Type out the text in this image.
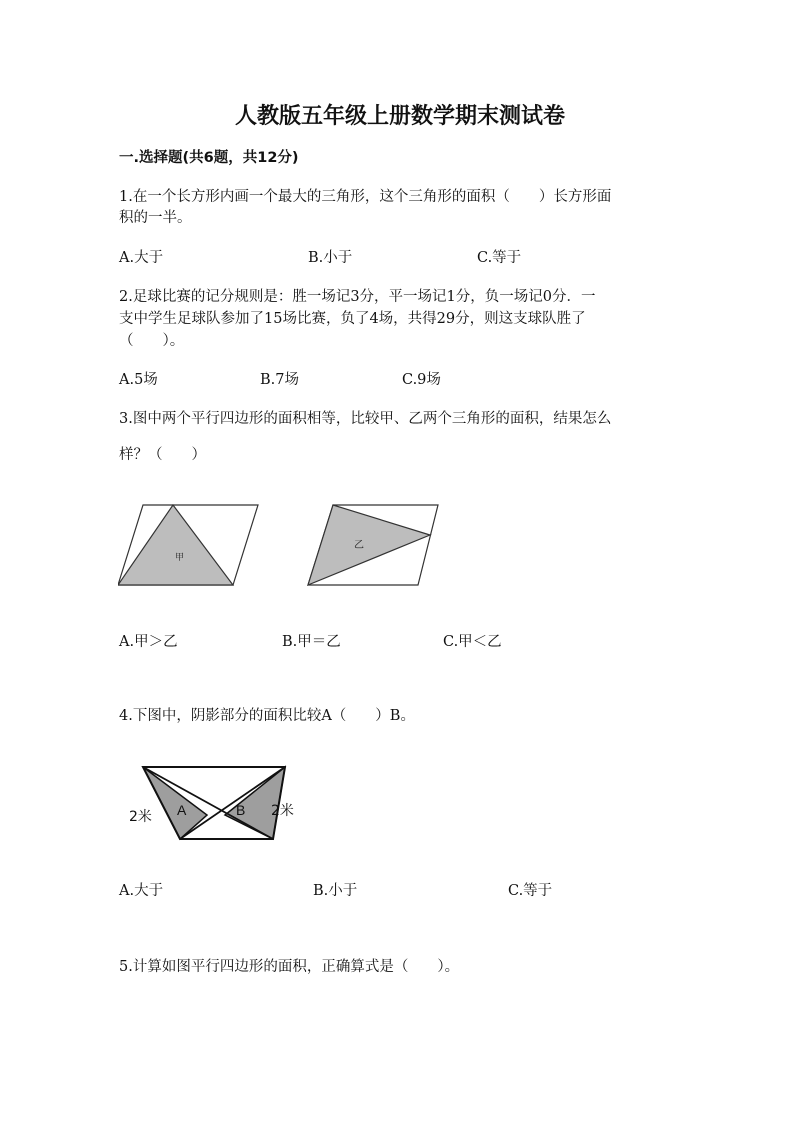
人教版五年级上册数学期末测试卷
一.选择题(共6题，共12分)
1.在一个长方形内画一个最大的三角形，这个三角形的面积（　　）长方形面
积的一半。
A.大于	B.小于	C.等于
2.足球比赛的记分规则是：胜一场记3分，平一场记1分，负一场记0分．一
支中学生足球队参加了15场比赛，负了4场，共得29分，则这支球队胜了
（　　）。
A.5场	B.7场	C.9场
3.图中两个平行四边形的面积相等，比较甲、乙两个三角形的面积，结果怎么
样？（　　）
甲
乙
A.甲＞乙	B.甲＝乙	C.甲＜乙
4.下图中，阴影部分的面积比较A（　　）B。
A	B
2米	2米
A.大于	B.小于	C.等于
5.计算如图平行四边形的面积，正确算式是（　　）。
